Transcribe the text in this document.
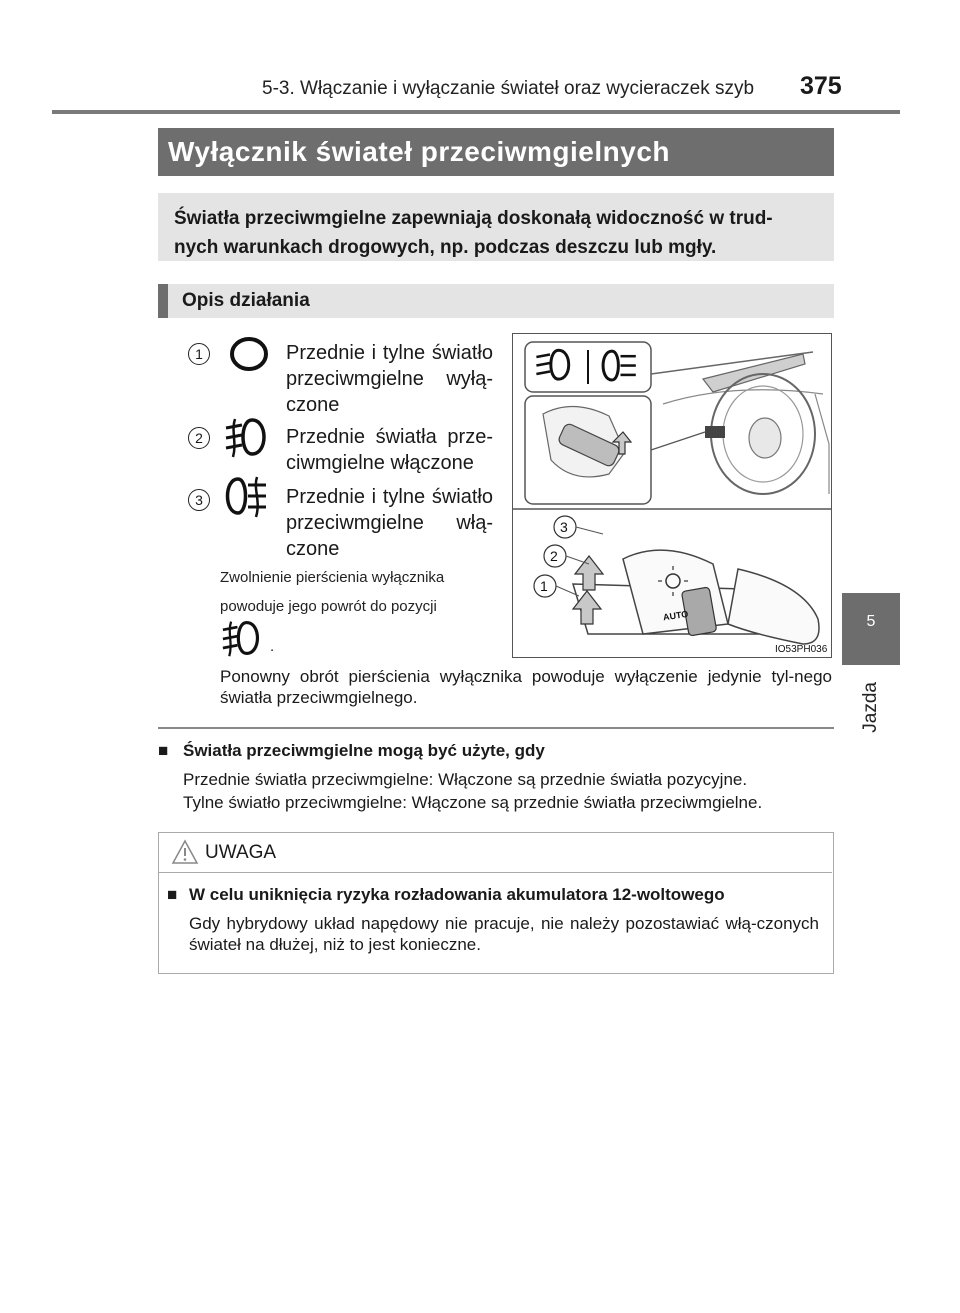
5-3. Włączanie i wyłączanie świateł oraz wycieraczek szyb 375
5
Jazda
Wyłącznik świateł przeciwmgielnych
Światła przeciwmgielne zapewniają doskonałą widoczność w trud-
nych warunkach drogowych, np. podczas deszczu lub mgły.
Opis działania
1	Przednie i tylne światło przeciwmgielne wyłą-czone
2	Przednie światła prze-ciwmgielne włączone
3	Przednie i tylne światło przeciwmgielne włą-czone
Zwolnienie pierścienia wyłącznika
powoduje jego powrót do pozycji
.
AUTO
3
2
1
IO53PH036
Ponowny obrót pierścienia wyłącznika powoduje wyłączenie jedynie tyl-nego światła przeciwmgielnego.
■ Światła przeciwmgielne mogą być użyte, gdy
Przednie światła przeciwmgielne: Włączone są przednie światła pozycyjne.
Tylne światło przeciwmgielne: Włączone są przednie światła przeciwmgielne.
UWAGA
■ W celu uniknięcia ryzyka rozładowania akumulatora 12-woltowego
Gdy hybrydowy układ napędowy nie pracuje, nie należy pozostawiać włą-czonych świateł na dłużej, niż to jest konieczne.
